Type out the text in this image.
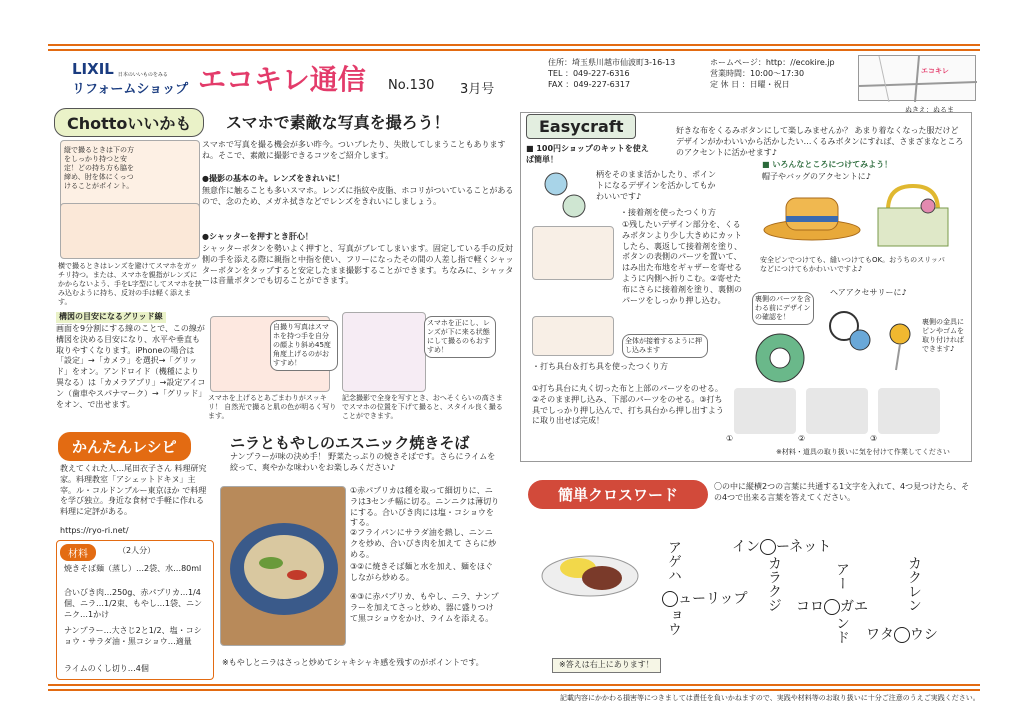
LIXIL 日本のいいものをみる
リフォームショップ エコキレ通信 No.130 3月号
住所：埼玉県川越市仙波町3-16-13
TEL ：049-227-6316
FAX ：049-227-6317
ホームページ：http：//ecokire.jp
営業時間：10:00～17:30
定 休 日 ：日曜・祝日
エコキレ
ぬきえ：ぬるま
Chottoいいかも	スマホで素敵な写真を撮ろう！
縦で撮るときは下の方をしっかり持つと安定！どの持ち方も脇を締め、肘を体にくっつけることがポイント。
横で撮るときはレンズを避けてスマホをガッチリ持つ。または、スマホを親指がレンズにかからないよう、手をL字型にしてスマホを挟み込むように持ち、反対の手は軽く添えます。
スマホで写真を撮る機会が多い昨今。ついブレたり、失敗してしまうこともありますね。そこで、素敵に撮影できるコツをご紹介します。
●撮影の基本のキ。レンズをきれいに！
無意作に触ることも多いスマホ。レンズに指紋や皮脂、ホコリがついていることがあるので、念のため、メガネ拭きなどでレンズをきれいにしましょう。
●シャッターを押すとき肝心！
シャッターボタンを勢いよく押すと、写真がブレてしまいます。固定している手の反対側の手を添える際に親指と中指を使い、フリーになったその間の人差し指で軽くシャッターボタンをタップすると安定したまま撮影することができます。ちなみに、シャッターは音量ボタンでも切ることができます。
構図の目安になるグリッド線
画面を9分割にする線のことで、この線が構図を決める目安になり、水平や垂直も取りやすくなります。iPhoneの場合は「設定」→「カメラ」を選択→「グリッド」をオン。アンドロイド（機種により異なる）は「カメラアプリ」→設定アイコン（歯車やスパナマーク）→「グリッド」をオン、で出せます。
自撮り写真はスマホを持つ手を自分の顔より斜め45度角度上げるのがおすすめ！
スマホを上げるとあごまわりがスッキリ！ 自然光で撮ると肌の色が明るく写ります。
スマホを正にし、レンズが下に来る状態にして撮るのもおすすめ！
記念撮影で全身を写すとき、おへそくらいの高さまでスマホの位置を下げて撮ると、スタイル良く撮ることができます。
かんたんレシピ	ニラともやしのエスニック焼きそば
ナンプラーが味の決め手！ 野菜たっぷりの焼きそばです。さらにライムを絞って、爽やかな味わいをお楽しみください♪
教えてくれた人…尾田衣子さん 料理研究家。料理教室「アシェットドキヌ」主宰。ル・コルドンブルー東京ほか で料理を学び独立。身近な食材で手軽に作れる料理に定評がある。
https://ryo-ri.net/
材料	（2人分）
焼きそば麺（蒸し）…2袋、水…80ml
合いびき肉…250g、赤パプリカ…1/4個、ニラ…1/2束、もやし…1袋、ニンニク…1かけ
ナンプラー…大さじ2と1/2、塩・コショウ・サラダ油・黒コショウ…適量
ライムのくし切り…4個
①赤パプリカは種を取って細切りに、ニラは3センチ幅に切る。ニンニクは薄切りにする。合いびき肉には塩・コショウをする。
②フライパンにサラダ油を熱し、ニンニクを炒め、合いびき肉を加えて さらに炒める。
③②に焼きそば麺と水を加え、麺をほぐしながら炒める。
④③に赤パプリカ、もやし、ニラ、ナンプラーを加えてさっと炒め、器に盛りつけて黒コショウをかけ、ライムを添える。
※もやしとニラはさっと炒めてシャキシャキ感を残すのがポイントです。
Easycraft	好きな布をくるみボタンにして楽しみませんか？ あまり着なくなった服だけどデザインがかわいいから活かしたい…くるみボタンにすれば、さまざまなところのアクセントに活かせます♪
■ 100円ショップのキットを使えば簡単！
柄をそのまま活かしたり、ポイントになるデザインを活かしてもかわいいです♪
・接着剤を使ったつくり方
①残したいデザイン部分を、くるみボタンより少し大きめにカットしたら、裏返して接着剤を塗り、ボタンの表側のパーツを置いて、はみ出た布地をギャザーを寄せるように内側へ折りこむ。②寄せた布にさらに接着剤を塗り、裏側のパーツをしっかり押し込む。
全体が接着するように押し込みます
■ いろんなところにつけてみよう！
帽子やバッグのアクセントに♪
安全ピンでつけても、縫いつけてもOK。おうちのスリッパなどにつけてもかわいいですよ♪
裏側のパーツを含わる前にデザインの確認を！
ヘアアクセサリーに♪
裏側の金具にピンやゴムを取り付ければできます♪
・打ち具台＆打ち具を使ったつくり方
①打ち具台に丸く切った布と上部のパーツをのせる。②そのまま押し込み、下部のパーツをのせる。③打ち具でしっかり押し込んで、打ち具台から押し出すように取り出せば完成！
①	②	③
※材料・道具の取り扱いに気を付けて作業してください
簡単クロスワード	〇の中に縦横2つの言葉に共通する1文字を入れて、4つ見つけたら、その4つで出来る言葉を答えてください。
イン ーネット
カラクジ
アゲハ
ューリップ
ョウ
アー
コロ ガエ
ンド
カクレン
ワタ ウシ
※答えは右上にあります！
記載内容にかかわる損害等につきましては責任を負いかねますので、実践や材料等のお取り扱いに十分ご注意のうえご実践ください。
